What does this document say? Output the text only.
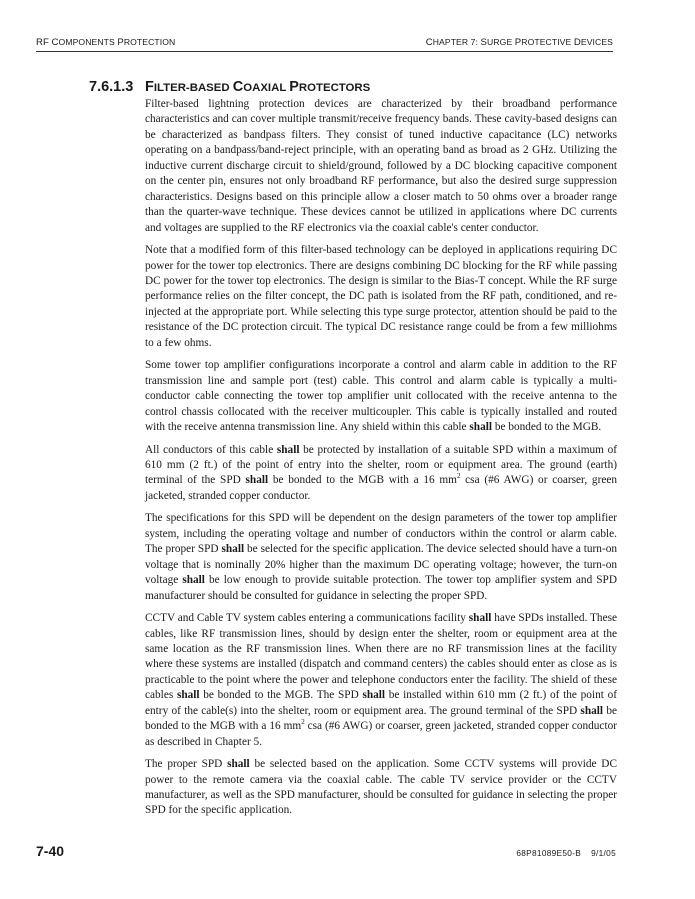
RF COMPONENTS PROTECTION	CHAPTER 7: SURGE PROTECTIVE DEVICES
7.6.1.3 FILTER-BASED COAXIAL PROTECTORS

Filter-based lightning protection devices are characterized by their broadband performance characteristics and can cover multiple transmit/receive frequency bands. These cavity-based designs can be characterized as bandpass filters. They consist of tuned inductive capacitance (LC) networks operating on a bandpass/band-reject principle, with an operating band as broad as 2 GHz. Utilizing the inductive current discharge circuit to shield/ground, followed by a DC blocking capacitive component on the center pin, ensures not only broadband RF performance, but also the desired surge suppression characteristics. Designs based on this principle allow a closer match to 50 ohms over a broader range than the quarter-wave technique. These devices cannot be utilized in applications where DC currents and voltages are supplied to the RF electronics via the coaxial cable's center conductor.

Note that a modified form of this filter-based technology can be deployed in applications requiring DC power for the tower top electronics. There are designs combining DC blocking for the RF while passing DC power for the tower top electronics. The design is similar to the Bias-T concept. While the RF surge performance relies on the filter concept, the DC path is isolated from the RF path, conditioned, and re-injected at the appropriate port. While selecting this type surge protector, attention should be paid to the resistance of the DC protection circuit. The typical DC resistance range could be from a few milliohms to a few ohms.

Some tower top amplifier configurations incorporate a control and alarm cable in addition to the RF transmission line and sample port (test) cable. This control and alarm cable is typically a multi-conductor cable connecting the tower top amplifier unit collocated with the receive antenna to the control chassis collocated with the receiver multicoupler. This cable is typically installed and routed with the receive antenna transmission line. Any shield within this cable shall be bonded to the MGB.

All conductors of this cable shall be protected by installation of a suitable SPD within a maximum of 610 mm (2 ft.) of the point of entry into the shelter, room or equipment area. The ground (earth) terminal of the SPD shall be bonded to the MGB with a 16 $mm^2$ csa (#6 AWG) or coarser, green jacketed, stranded copper conductor.

The specifications for this SPD will be dependent on the design parameters of the tower top amplifier system, including the operating voltage and number of conductors within the control or alarm cable. The proper SPD shall be selected for the specific application. The device selected should have a turn-on voltage that is nominally 20% higher than the maximum DC operating voltage; however, the turn-on voltage shall be low enough to provide suitable protection. The tower top amplifier system and SPD manufacturer should be consulted for guidance in selecting the proper SPD.

CCTV and Cable TV system cables entering a communications facility shall have SPDs installed. These cables, like RF transmission lines, should by design enter the shelter, room or equipment area at the same location as the RF transmission lines. When there are no RF transmission lines at the facility where these systems are installed (dispatch and command centers) the cables should enter as close as is practicable to the point where the power and telephone conductors enter the facility. The shield of these cables shall be bonded to the MGB. The SPD shall be installed within 610 mm (2 ft.) of the point of entry of the cable(s) into the shelter, room or equipment area. The ground terminal of the SPD shall be bonded to the MGB with a 16 $mm^2$ csa (#6 AWG) or coarser, green jacketed, stranded copper conductor as described in Chapter 5.

The proper SPD shall be selected based on the application. Some CCTV systems will provide DC power to the remote camera via the coaxial cable. The cable TV service provider or the CCTV manufacturer, as well as the SPD manufacturer, should be consulted for guidance in selecting the proper SPD for the specific application.

7-40	68P81089E50-B 9/1/05
